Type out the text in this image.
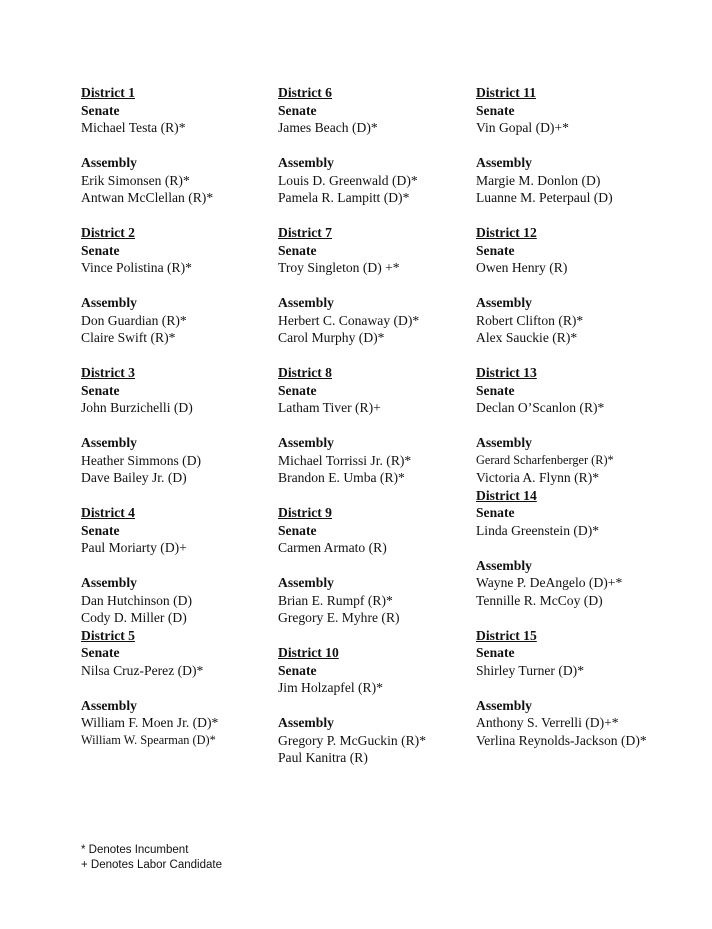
District 1
Senate
Michael Testa (R)*
Assembly
Erik Simonsen (R)*
Antwan McClellan (R)*
District 2
Senate
Vince Polistina (R)*
Assembly
Don Guardian (R)*
Claire Swift (R)*
District 3
Senate
John Burzichelli (D)
Assembly
Heather Simmons (D)
Dave Bailey Jr. (D)
District 4
Senate
Paul Moriarty (D)+
Assembly
Dan Hutchinson (D)
Cody D. Miller (D)
District 5
Senate
Nilsa Cruz-Perez (D)*
Assembly
William F. Moen Jr. (D)*
William W. Spearman (D)*
District 6
Senate
James Beach (D)*
Assembly
Louis D. Greenwald (D)*
Pamela R. Lampitt (D)*
District 7
Senate
Troy Singleton (D) +*
Assembly
Herbert C. Conaway (D)*
Carol Murphy (D)*
District 8
Senate
Latham Tiver (R)+
Assembly
Michael Torrissi Jr. (R)*
Brandon E. Umba (R)*
District 9
Senate
Carmen Armato (R)
Assembly
Brian E. Rumpf (R)*
Gregory E. Myhre (R)
District 10
Senate
Jim Holzapfel (R)*
Assembly
Gregory P. McGuckin (R)*
Paul Kanitra (R)
District 11
Senate
Vin Gopal (D)+*
Assembly
Margie M. Donlon (D)
Luanne M. Peterpaul (D)
District 12
Senate
Owen Henry (R)
Assembly
Robert Clifton (R)*
Alex Sauckie (R)*
District 13
Senate
Declan O’Scanlon (R)*
Assembly
Gerard Scharfenberger (R)*
Victoria A. Flynn (R)*
District 14
Senate
Linda Greenstein (D)*
Assembly
Wayne P. DeAngelo (D)+*
Tennille R. McCoy (D)
District 15
Senate
Shirley Turner (D)*
Assembly
Anthony S. Verrelli (D)+*
Verlina Reynolds-Jackson (D)*
* Denotes Incumbent
+ Denotes Labor Candidate
